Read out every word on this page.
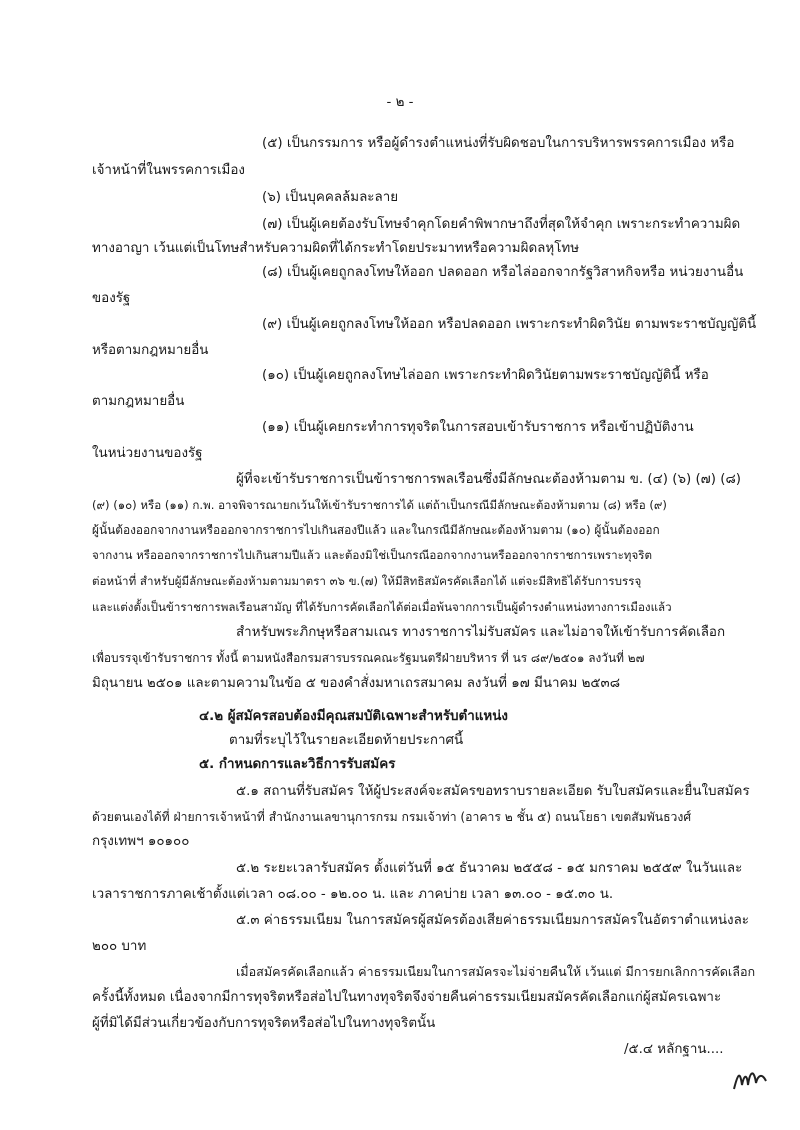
- ๒ -
(๕) เป็นกรรมการ หรือผู้ดำรงตำแหน่งที่รับผิดชอบในการบริหารพรรคการเมือง หรือ
เจ้าหน้าที่ในพรรคการเมือง
(๖) เป็นบุคคลล้มละลาย
(๗) เป็นผู้เคยต้องรับโทษจำคุกโดยคำพิพากษาถึงที่สุดให้จำคุก เพราะกระทำความผิด
ทางอาญา เว้นแต่เป็นโทษสำหรับความผิดที่ได้กระทำโดยประมาทหรือความผิดลหุโทษ
(๘) เป็นผู้เคยถูกลงโทษให้ออก ปลดออก หรือไล่ออกจากรัฐวิสาหกิจหรือ หน่วยงานอื่น
ของรัฐ
(๙) เป็นผู้เคยถูกลงโทษให้ออก หรือปลดออก เพราะกระทำผิดวินัย ตามพระราชบัญญัตินี้
หรือตามกฎหมายอื่น
(๑๐) เป็นผู้เคยถูกลงโทษไล่ออก เพราะกระทำผิดวินัยตามพระราชบัญญัตินี้ หรือ
ตามกฎหมายอื่น
(๑๑) เป็นผู้เคยกระทำการทุจริตในการสอบเข้ารับราชการ หรือเข้าปฏิบัติงาน
ในหน่วยงานของรัฐ
ผู้ที่จะเข้ารับราชการเป็นข้าราชการพลเรือนซึ่งมีลักษณะต้องห้ามตาม ข. (๔) (๖) (๗) (๘)
(๙) (๑๐) หรือ (๑๑) ก.พ. อาจพิจารณายกเว้นให้เข้ารับราชการได้ แต่ถ้าเป็นกรณีมีลักษณะต้องห้ามตาม (๘) หรือ (๙)
ผู้นั้นต้องออกจากงานหรือออกจากราชการไปเกินสองปีแล้ว และในกรณีมีลักษณะต้องห้ามตาม (๑๐) ผู้นั้นต้องออก
จากงาน หรือออกจากราชการไปเกินสามปีแล้ว และต้องมิใช่เป็นกรณีออกจากงานหรือออกจากราชการเพราะทุจริต
ต่อหน้าที่ สำหรับผู้มีลักษณะต้องห้ามตามมาตรา ๓๖ ข.(๗) ให้มีสิทธิสมัครคัดเลือกได้ แต่จะมีสิทธิได้รับการบรรจุ
และแต่งตั้งเป็นข้าราชการพลเรือนสามัญ ที่ได้รับการคัดเลือกได้ต่อเมื่อพ้นจากการเป็นผู้ดำรงตำแหน่งทางการเมืองแล้ว
สำหรับพระภิกษุหรือสามเณร ทางราชการไม่รับสมัคร และไม่อาจให้เข้ารับการคัดเลือก
เพื่อบรรจุเข้ารับราชการ ทั้งนี้ ตามหนังสือกรมสารบรรณคณะรัฐมนตรีฝ่ายบริหาร ที่ นร ๘๙/๒๕๐๑ ลงวันที่ ๒๗
มิถุนายน ๒๕๐๑ และตามความในข้อ ๕ ของคำสั่งมหาเถรสมาคม ลงวันที่ ๑๗ มีนาคม ๒๕๓๘
๔.๒ ผู้สมัครสอบต้องมีคุณสมบัติเฉพาะสำหรับตำแหน่ง
ตามที่ระบุไว้ในรายละเอียดท้ายประกาศนี้
๕. กำหนดการและวิธีการรับสมัคร
๕.๑ สถานที่รับสมัคร ให้ผู้ประสงค์จะสมัครขอทราบรายละเอียด รับใบสมัครและยื่นใบสมัคร
ด้วยตนเองได้ที่ ฝ่ายการเจ้าหน้าที่ สำนักงานเลขานุการกรม กรมเจ้าท่า (อาคาร ๒ ชั้น ๕) ถนนโยธา เขตสัมพันธวงศ์
กรุงเทพฯ ๑๐๑๐๐
๕.๒ ระยะเวลารับสมัคร ตั้งแต่วันที่ ๑๕ ธันวาคม ๒๕๕๘ - ๑๕ มกราคม ๒๕๕๙ ในวันและ
เวลาราชการภาคเช้าตั้งแต่เวลา ๐๘.๐๐ - ๑๒.๐๐ น. และ ภาคบ่าย เวลา ๑๓.๐๐ - ๑๕.๓๐ น.
๕.๓ ค่าธรรมเนียม ในการสมัครผู้สมัครต้องเสียค่าธรรมเนียมการสมัครในอัตราตำแหน่งละ
๒๐๐ บาท
เมื่อสมัครคัดเลือกแล้ว ค่าธรรมเนียมในการสมัครจะไม่จ่ายคืนให้ เว้นแต่ มีการยกเลิกการคัดเลือก
ครั้งนี้ทั้งหมด เนื่องจากมีการทุจริตหรือส่อไปในทางทุจริตจึงจ่ายคืนค่าธรรมเนียมสมัครคัดเลือกแก่ผู้สมัครเฉพาะ
ผู้ที่มิได้มีส่วนเกี่ยวข้องกับการทุจริตหรือส่อไปในทางทุจริตนั้น
/๕.๔ หลักฐาน....
